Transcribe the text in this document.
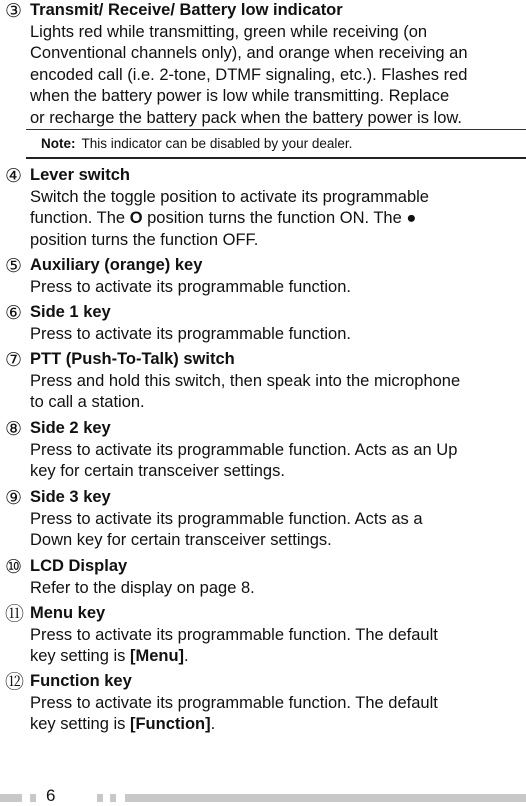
③ Transmit/ Receive/ Battery low indicator
Lights red while transmitting, green while receiving (on
Conventional channels only), and orange when receiving an
encoded call (i.e. 2-tone, DTMF signaling, etc.). Flashes red
when the battery power is low while transmitting. Replace
or recharge the battery pack when the battery power is low.
Note: This indicator can be disabled by your dealer.
④ Lever switch
Switch the toggle position to activate its programmable
function. The O position turns the function ON. The ●
position turns the function OFF.
⑤ Auxiliary (orange) key
Press to activate its programmable function.
⑥ Side 1 key
Press to activate its programmable function.
⑦ PTT (Push-To-Talk) switch
Press and hold this switch, then speak into the microphone
to call a station.
⑧ Side 2 key
Press to activate its programmable function. Acts as an Up
key for certain transceiver settings.
⑨ Side 3 key
Press to activate its programmable function. Acts as a
Down key for certain transceiver settings.
⑩ LCD Display
Refer to the display on page 8.
⑪ Menu key
Press to activate its programmable function. The default
key setting is [Menu].
⑫ Function key
Press to activate its programmable function. The default
key setting is [Function].
6
